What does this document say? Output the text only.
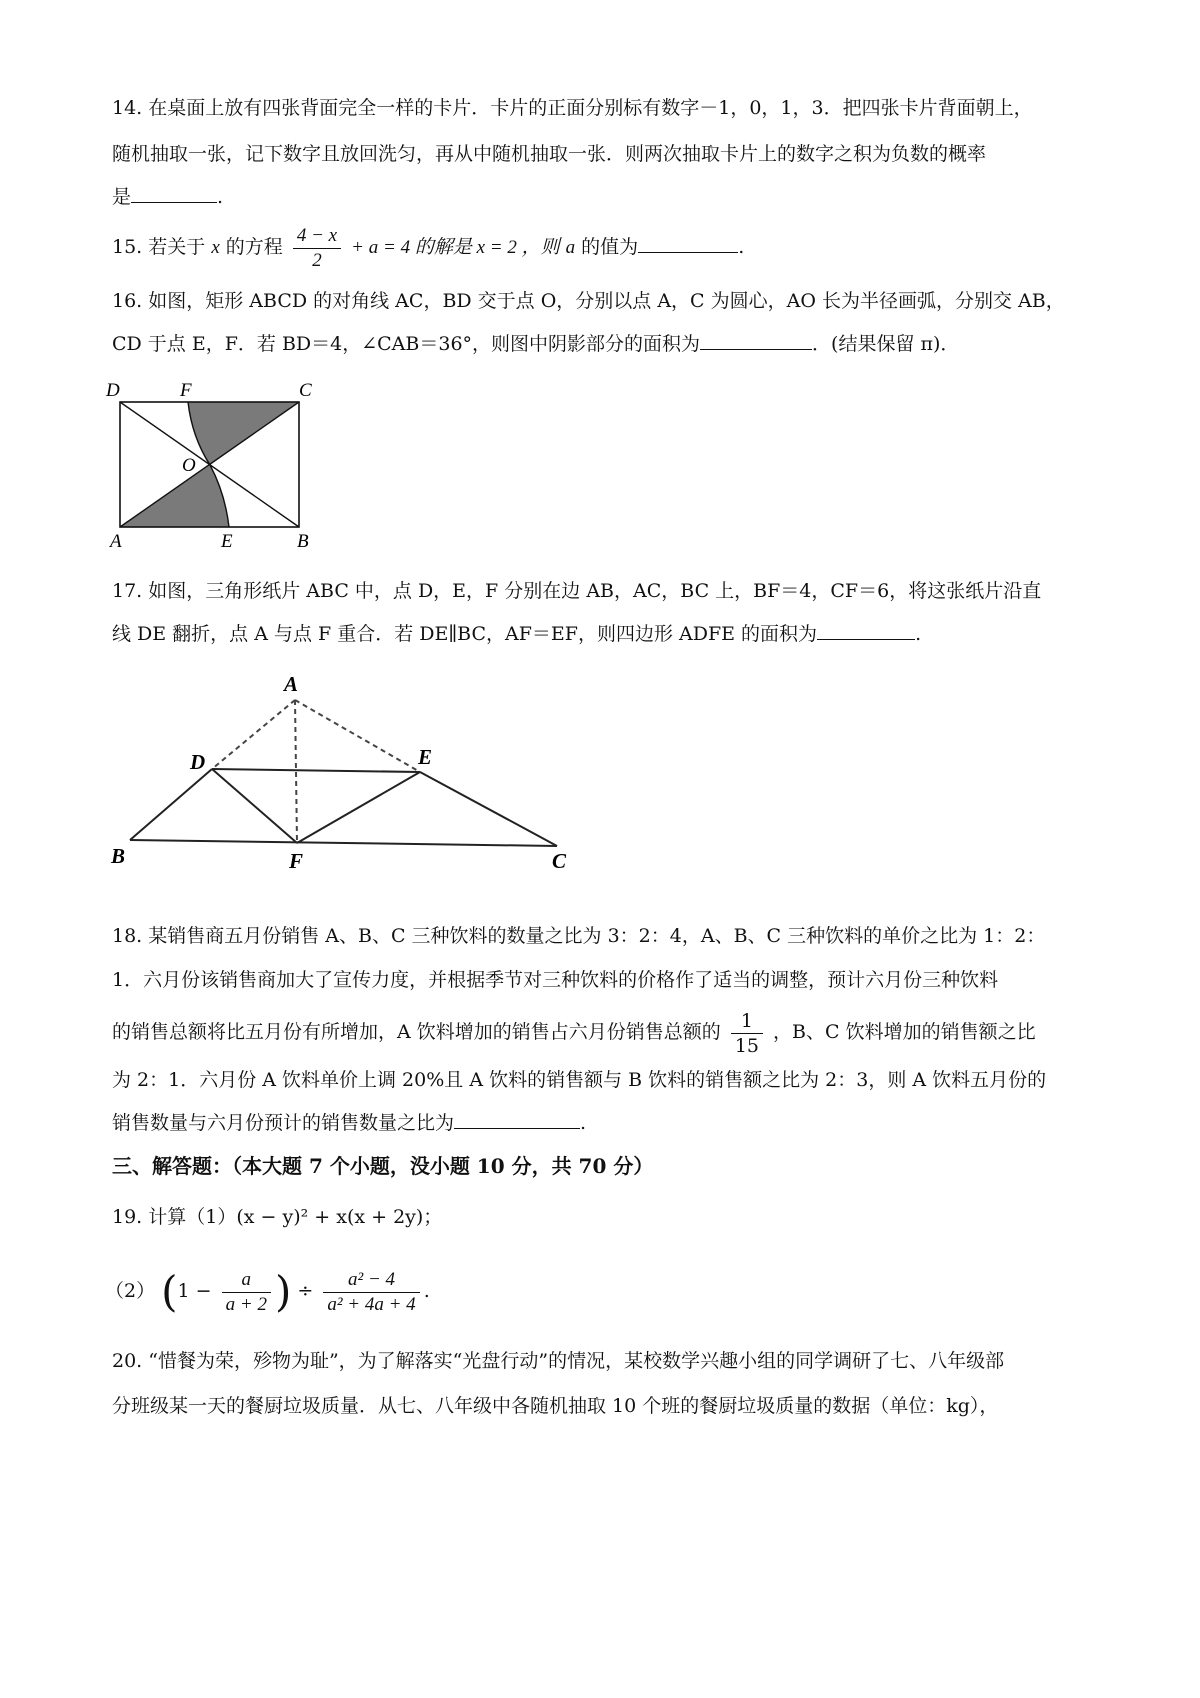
14. 在桌面上放有四张背面完全一样的卡片．卡片的正面分别标有数字－1，0，1，3．把四张卡片背面朝上，
随机抽取一张，记下数字且放回洗匀，再从中随机抽取一张．则两次抽取卡片上的数字之积为负数的概率
是	.
15. 若关于 x 的方程 $\frac{4 - x}{2} + a = 4$ 的解是 x = 2 ，则 a 的值为	.
16. 如图，矩形 ABCD 的对角线 AC，BD 交于点 O，分别以点 A，C 为圆心，AO 长为半径画弧，分别交 AB，
CD 于点 E，F．若 BD＝4，∠CAB＝36°，则图中阴影部分的面积为	．(结果保留 π)．
D	F	C
O
A	E	B
17. 如图，三角形纸片 ABC 中，点 D，E，F 分别在边 AB，AC，BC 上，BF＝4，CF＝6，将这张纸片沿直
线 DE 翻折，点 A 与点 F 重合．若 DE∥BC，AF＝EF，则四边形 ADFE 的面积为	.
A
D	E
B	F	C
18. 某销售商五月份销售 A、B、C 三种饮料的数量之比为 3：2：4，A、B、C 三种饮料的单价之比为 1：2：
1．六月份该销售商加大了宣传力度，并根据季节对三种饮料的价格作了适当的调整，预计六月份三种饮料
的销售总额将比五月份有所增加，A 饮料增加的销售占六月份销售总额的 $\frac{1}{15}$ ，B、C 饮料增加的销售额之比
为 2：1．六月份 A 饮料单价上调 20%且 A 饮料的销售额与 B 饮料的销售额之比为 2：3，则 A 饮料五月份的
销售数量与六月份预计的销售数量之比为	.
三、解答题：（本大题 7 个小题，没小题 10 分，共 70 分）
19. 计算（1）(x − y)² + x(x + 2y)；
（2） ($1 - \frac{a}{a + 2}$ ) ÷ $\frac{\text{a² − 4}}{\text{a² + 4a + 4}}$ .
20. “惜餐为荣，殄物为耻”，为了解落实“光盘行动”的情况，某校数学兴趣小组的同学调研了七、八年级部
分班级某一天的餐厨垃圾质量．从七、八年级中各随机抽取 10 个班的餐厨垃圾质量的数据（单位：kg），
